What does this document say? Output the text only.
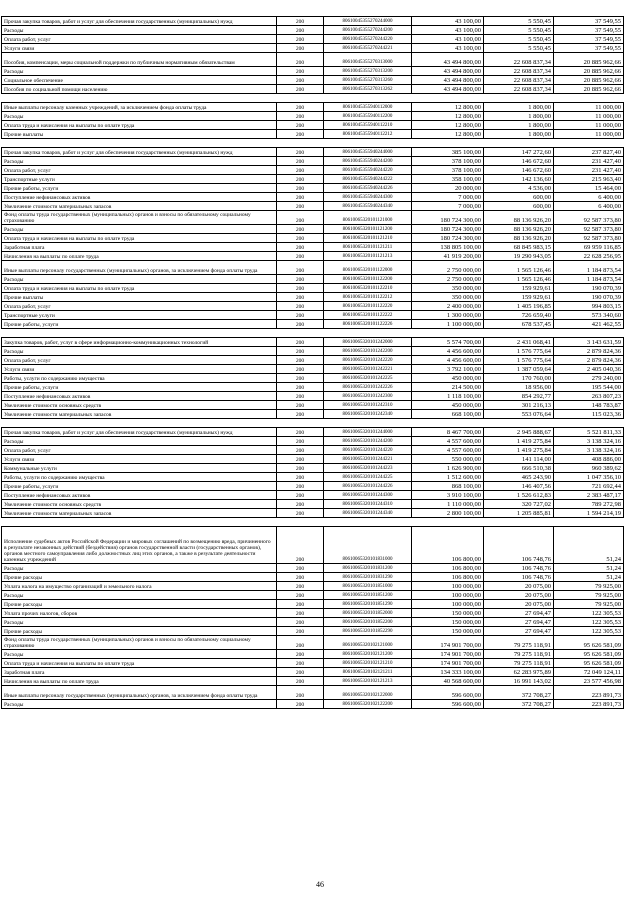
Прочая закупка товаров, работ и услуг для обеспечения государственных (муниципальных) нужд	200	80610045355270244000	43 100,00	5 550,45	37 549,55
Расходы	200	80610045355270244200	43 100,00	5 550,45	37 549,55
Оплата работ, услуг	200	80610045355270244220	43 100,00	5 550,45	37 549,55
Услуги связи	200	80610045355270244221	43 100,00	5 550,45	37 549,55
Пособия, компенсации, меры социальной поддержки по публичным нормативным обязательствам	200	80610045355270313000	43 494 800,00	22 608 837,34	20 885 962,66
Расходы	200	80610045355270313200	43 494 800,00	22 608 837,34	20 885 962,66
Социальное обеспечение	200	80610045355270313260	43 494 800,00	22 608 837,34	20 885 962,66
Пособия по социальной помощи населению	200	80610045355270313262	43 494 800,00	22 608 837,34	20 885 962,66

Иные выплаты персоналу казенных учреждений, за исключением фонда оплаты труда	200	80610045355940112000	12 800,00	1 800,00	11 000,00
Расходы	200	80610045355940112200	12 800,00	1 800,00	11 000,00
Оплата труда и начисления на выплаты по оплате труда	200	80610045355940112210	12 800,00	1 800,00	11 000,00
Прочие выплаты	200	80610045355940112212	12 800,00	1 800,00	11 000,00

Прочая закупка товаров, работ и услуг для обеспечения государственных (муниципальных) нужд	200	80610045355940244000	385 100,00	147 272,60	237 827,40
Расходы	200	80610045355940244200	378 100,00	146 672,60	231 427,40
Оплата работ, услуг	200	80610045355940244220	378 100,00	146 672,60	231 427,40
Транспортные услуги	200	80610045355940244222	358 100,00	142 136,60	215 963,40
Прочие работы, услуги	200	80610045355940244226	20 000,00	4 536,00	15 464,00
Поступление нефинансовых активов	200	80610045355940244300	7 000,00	600,00	6 400,00
Увеличение стоимости материальных запасов	200	80610045355940244340	7 000,00	600,00	6 400,00
Фонд оплаты труда государственных (муниципальных) органов и взносы по обязательному социальному страхованию	200	80610065320101121000	180 724 300,00	88 136 926,20	92 587 373,80
Расходы	200	80610065320101121200	180 724 300,00	88 136 926,20	92 587 373,80
Оплата труда и начисления на выплаты по оплате труда	200	80610065320101121210	180 724 300,00	88 136 926,20	92 587 373,80
Заработная плата	200	80610065320101121211	138 805 100,00	68 845 983,15	69 959 116,85
Начисления на выплаты по оплате труда	200	80610065320101121213	41 919 200,00	19 290 943,05	22 628 256,95
Иные выплаты персоналу государственных (муниципальных) органов, за исключением фонда оплаты труда	200	80610065320101122000	2 750 000,00	1 565 126,46	1 184 873,54
Расходы	200	80610065320101122200	2 750 000,00	1 565 126,46	1 184 873,54
Оплата труда и начисления на выплаты по оплате труда	200	80610065320101122210	350 000,00	159 929,61	190 070,39
Прочие выплаты	200	80610065320101122212	350 000,00	159 929,61	190 070,39
Оплата работ, услуг	200	80610065320101122220	2 400 000,00	1 405 196,85	994 803,15
Транспортные услуги	200	80610065320101122222	1 300 000,00	726 659,40	573 340,60
Прочие работы, услуги	200	80610065320101122226	1 100 000,00	678 537,45	421 462,55

Закупка товаров, работ, услуг в сфере информационно-коммуникационных технологий	200	80610065320101242000	5 574 700,00	2 431 068,41	3 143 631,59
Расходы	200	80610065320101242200	4 456 600,00	1 576 775,64	2 879 824,36
Оплата работ, услуг	200	80610065320101242220	4 456 600,00	1 576 775,64	2 879 824,36
Услуги связи	200	80610065320101242221	3 792 100,00	1 387 059,64	2 405 040,36
Работы, услуги по содержанию имущества	200	80610065320101242225	450 000,00	170 760,00	279 240,00
Прочие работы, услуги	200	80610065320101242226	214 500,00	18 956,00	195 544,00
Поступление нефинансовых активов	200	80610065320101242300	1 118 100,00	854 292,77	263 807,23
Увеличение стоимости основных средств	200	80610065320101242310	450 000,00	301 216,13	148 783,87
Увеличение стоимости материальных запасов	200	80610065320101242340	668 100,00	553 076,64	115 023,36

Прочая закупка товаров, работ и услуг для обеспечения государственных (муниципальных) нужд	200	80610065320101244000	8 467 700,00	2 945 888,67	5 521 811,33
Расходы	200	80610065320101244200	4 557 600,00	1 419 275,84	3 138 324,16
Оплата работ, услуг	200	80610065320101244220	4 557 600,00	1 419 275,84	3 138 324,16
Услуги связи	200	80610065320101244221	550 000,00	141 114,00	408 886,00
Коммунальные услуги	200	80610065320101244223	1 626 900,00	666 510,38	960 389,62
Работы, услуги по содержанию имущества	200	80610065320101244225	1 512 600,00	465 243,90	1 047 356,10
Прочие работы, услуги	200	80610065320101244226	868 100,00	146 407,56	721 692,44
Поступление нефинансовых активов	200	80610065320101244300	3 910 100,00	1 526 612,83	2 383 487,17
Увеличение стоимости основных средств	200	80610065320101244310	1 110 000,00	320 727,02	789 272,98
Увеличение стоимости материальных запасов	200	80610065320101244340	2 800 100,00	1 205 885,81	1 594 214,19

Исполнение судебных актов Российской Федерации и мировых соглашений по возмещению вреда, причиненного в результате незаконных действий (бездействия) органов государственной власти (государственных органов), органов местного самоуправления либо должностных лиц этих органов, а также в результате деятельности казенных учреждений	200	80610065320101831000	106 800,00	106 748,76	51,24
Расходы	200	80610065320101831200	106 800,00	106 748,76	51,24
Прочие расходы	200	80610065320101831290	106 800,00	106 748,76	51,24
Уплата налога на имущество организаций и земельного налога	200	80610065320101851000	100 000,00	20 075,00	79 925,00
Расходы	200	80610065320101851200	100 000,00	20 075,00	79 925,00
Прочие расходы	200	80610065320101851290	100 000,00	20 075,00	79 925,00
Уплата прочих налогов, сборов	200	80610065320101852000	150 000,00	27 694,47	122 305,53
Расходы	200	80610065320101852200	150 000,00	27 694,47	122 305,53
Прочие расходы	200	80610065320101852290	150 000,00	27 694,47	122 305,53
Фонд оплаты труда государственных (муниципальных) органов и взносы по обязательному социальному страхованию	200	80610065320102121000	174 901 700,00	79 275 118,91	95 626 581,09
Расходы	200	80610065320102121200	174 901 700,00	79 275 118,91	95 626 581,09
Оплата труда и начисления на выплаты по оплате труда	200	80610065320102121210	174 901 700,00	79 275 118,91	95 626 581,09
Заработная плата	200	80610065320102121211	134 333 100,00	62 283 975,89	72 049 124,11
Начисления на выплаты по оплате труда	200	80610065320102121213	40 568 600,00	16 991 143,02	23 577 456,98
Иные выплаты персоналу государственных (муниципальных) органов, за исключением фонда оплаты труда	200	80610065320102122000	596 600,00	372 708,27	223 891,73
Расходы	200	80610065320102122200	596 600,00	372 708,27	223 891,73
46
